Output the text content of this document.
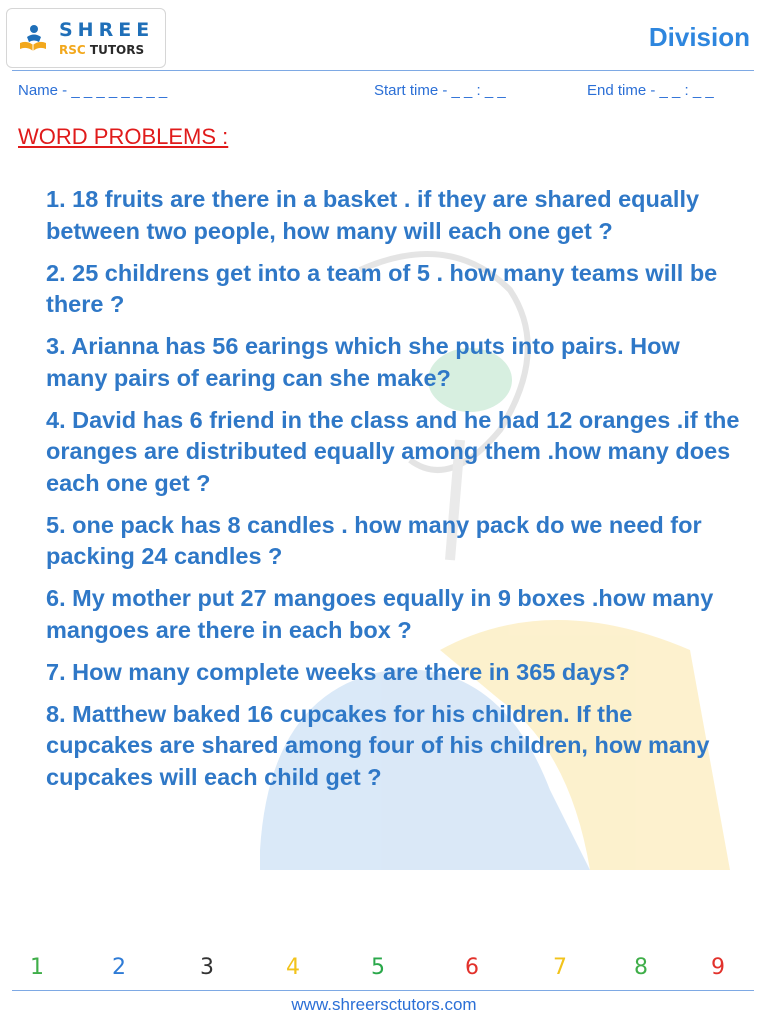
SHREE
RSC TUTORS	Division
Name - _ _ _ _ _ _ _ _	Start time - _ _ : _ _	End time - _ _ : _ _
WORD PROBLEMS :
1. 18 fruits are there in a basket . if they are shared equally between two people, how many will each one get ?
2. 25 childrens get into a team of 5 . how many teams will be there ?
3. Arianna has 56 earings which she puts into pairs. How many pairs of earing can she make?
4. David has 6 friend in the class and he had 12 oranges .if the oranges are distributed equally among them .how many does each one get ?
5. one pack has 8 candles . how many pack do we need for packing 24 candles ?
6. My mother put 27 mangoes equally in 9 boxes .how many mangoes are there in each box ?
7. How many complete weeks are there in 365 days?
8. Matthew baked 16 cupcakes for his children. If the cupcakes are shared among four of his children, how many cupcakes will each child get ?
1	2	3	4	5	6	7	8	9
www.shreersctutors.com
